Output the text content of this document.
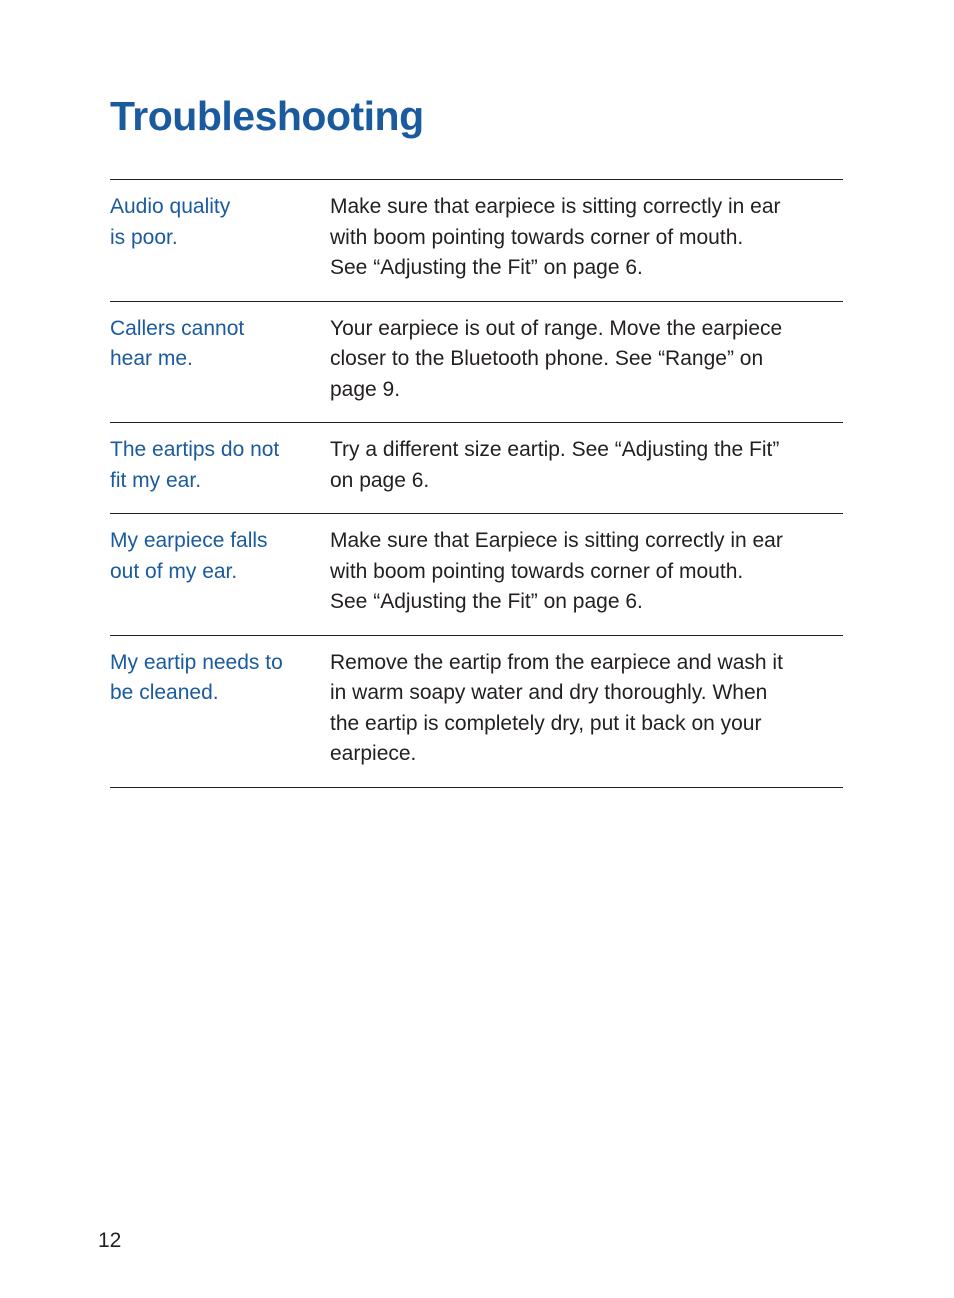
Troubleshooting
Audio quality
is poor.
Make sure that earpiece is sitting correctly in ear
with boom pointing towards corner of mouth.
See “Adjusting the Fit” on page 6.
Callers cannot
hear me.
Your earpiece is out of range. Move the earpiece
closer to the Bluetooth phone. See “Range” on
page 9.
The eartips do not
fit my ear.
Try a different size eartip. See “Adjusting the Fit”
on page 6.
My earpiece falls
out of my ear.
Make sure that Earpiece is sitting correctly in ear
with boom pointing towards corner of mouth.
See “Adjusting the Fit” on page 6.
My eartip needs to
be cleaned.
Remove the eartip from the earpiece and wash it
in warm soapy water and dry thoroughly. When
the eartip is completely dry, put it back on your
earpiece.
12
